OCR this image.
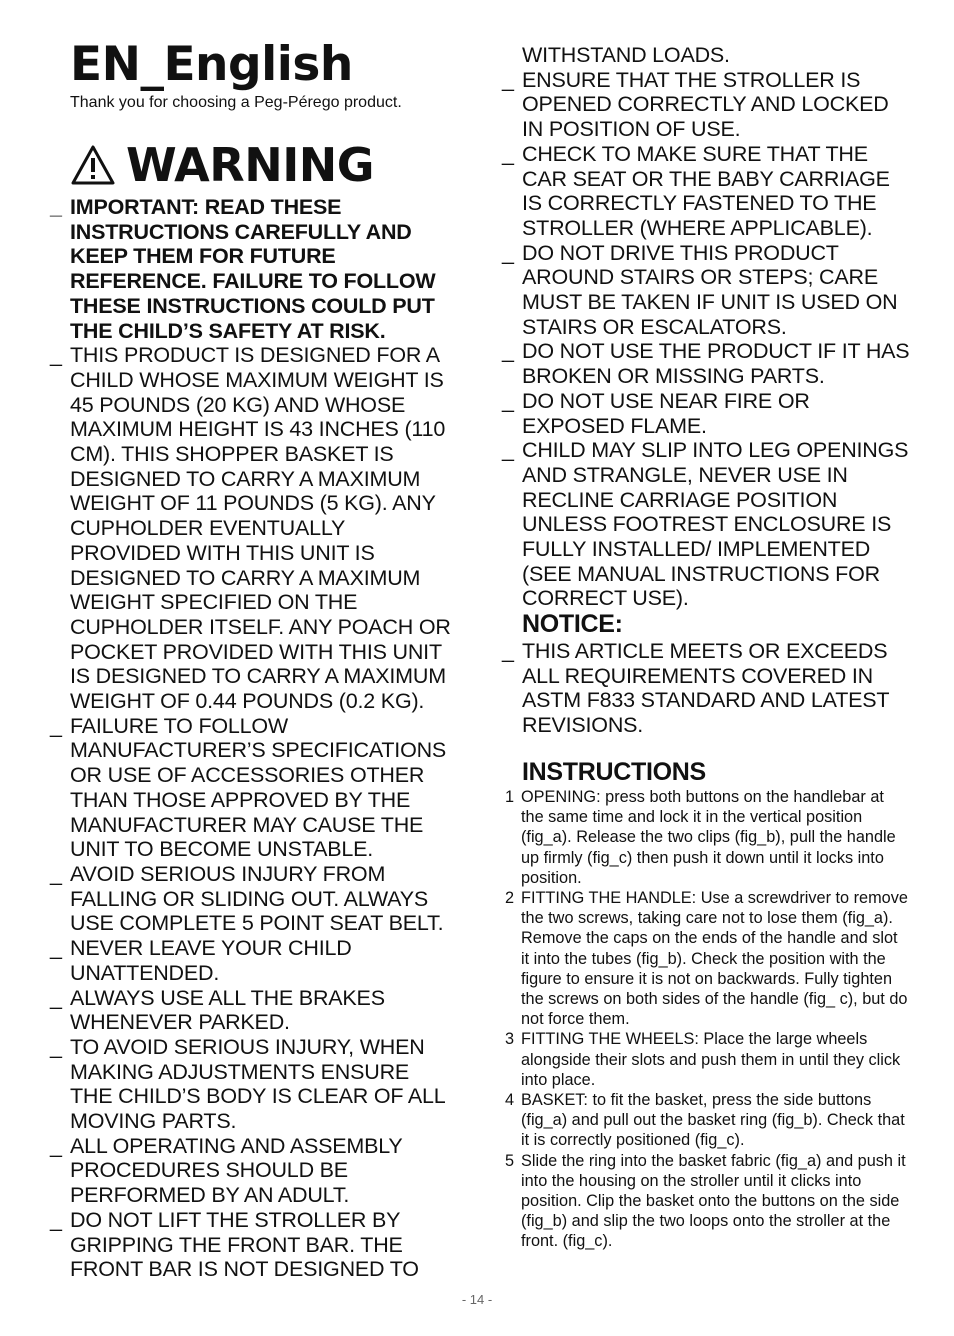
EN_English
Thank you for choosing a Peg-Pérego product.
WARNING
_ IMPORTANT: READ THESE INSTRUCTIONS CAREFULLY AND KEEP THEM FOR FUTURE REFERENCE. FAILURE TO FOLLOW THESE INSTRUCTIONS COULD PUT THE CHILD’S SAFETY AT RISK.
_ THIS PRODUCT IS DESIGNED FOR A CHILD WHOSE MAXIMUM WEIGHT IS 45 POUNDS (20 KG) AND WHOSE MAXIMUM HEIGHT IS 43 INCHES (110 CM). THIS SHOPPER BASKET IS DESIGNED TO CARRY A MAXIMUM WEIGHT OF 11 POUNDS (5 KG). ANY CUPHOLDER EVENTUALLY PROVIDED WITH THIS UNIT IS DESIGNED TO CARRY A MAXIMUM WEIGHT SPECIFIED ON THE CUPHOLDER ITSELF. ANY POACH OR POCKET PROVIDED WITH THIS UNIT IS DESIGNED TO CARRY A MAXIMUM WEIGHT OF 0.44 POUNDS (0.2 KG).
_ FAILURE TO FOLLOW MANUFACTURER’S SPECIFICATIONS OR USE OF ACCESSORIES OTHER THAN THOSE APPROVED BY THE MANUFACTURER MAY CAUSE THE UNIT TO BECOME UNSTABLE.
_ AVOID SERIOUS INJURY FROM FALLING OR SLIDING OUT. ALWAYS USE COMPLETE 5 POINT SEAT BELT.
_ NEVER LEAVE YOUR CHILD UNATTENDED.
_ ALWAYS USE ALL THE BRAKES WHENEVER PARKED.
_ TO AVOID SERIOUS INJURY, WHEN MAKING ADJUSTMENTS ENSURE THE CHILD’S BODY IS CLEAR OF ALL MOVING PARTS.
_ ALL OPERATING AND ASSEMBLY PROCEDURES SHOULD BE PERFORMED BY AN ADULT.
_ DO NOT LIFT THE STROLLER BY GRIPPING THE FRONT BAR. THE FRONT BAR IS NOT DESIGNED TO
WITHSTAND LOADS.
_ ENSURE THAT THE STROLLER IS OPENED CORRECTLY AND LOCKED IN POSITION OF USE.
_ CHECK TO MAKE SURE THAT THE CAR SEAT OR THE BABY CARRIAGE IS CORRECTLY FASTENED TO THE STROLLER (WHERE APPLICABLE).
_ DO NOT DRIVE THIS PRODUCT AROUND STAIRS OR STEPS; CARE MUST BE TAKEN IF UNIT IS USED ON STAIRS OR ESCALATORS.
_ DO NOT USE THE PRODUCT IF IT HAS BROKEN OR MISSING PARTS.
_ DO NOT USE NEAR FIRE OR EXPOSED FLAME.
_ CHILD MAY SLIP INTO LEG OPENINGS AND STRANGLE, NEVER USE IN RECLINE CARRIAGE POSITION UNLESS FOOTREST ENCLOSURE IS FULLY INSTALLED/ IMPLEMENTED (SEE MANUAL INSTRUCTIONS FOR CORRECT USE).
NOTICE:
_ THIS ARTICLE MEETS OR EXCEEDS ALL REQUIREMENTS COVERED IN ASTM F833 STANDARD AND LATEST REVISIONS.
INSTRUCTIONS
1 OPENING: press both buttons on the handlebar at the same time and lock it in the vertical position (fig_a). Release the two clips (fig_b), pull the handle up firmly (fig_c) then push it down until it locks into position.
2 FITTING THE HANDLE: Use a screwdriver to remove the two screws, taking care not to lose them (fig_a). Remove the caps on the ends of the handle and slot it into the tubes (fig_b). Check the position with the figure to ensure it is not on backwards. Fully tighten the screws on both sides of the handle (fig_ c), but do not force them.
3 FITTING THE WHEELS: Place the large wheels alongside their slots and push them in until they click into place.
4 BASKET: to fit the basket, press the side buttons (fig_a) and pull out the basket ring (fig_b). Check that it is correctly positioned (fig_c).
5 Slide the ring into the basket fabric (fig_a) and push it into the housing on the stroller until it clicks into position. Clip the basket onto the buttons on the side (fig_b) and slip the two loops onto the stroller at the front. (fig_c).
- 14 -
